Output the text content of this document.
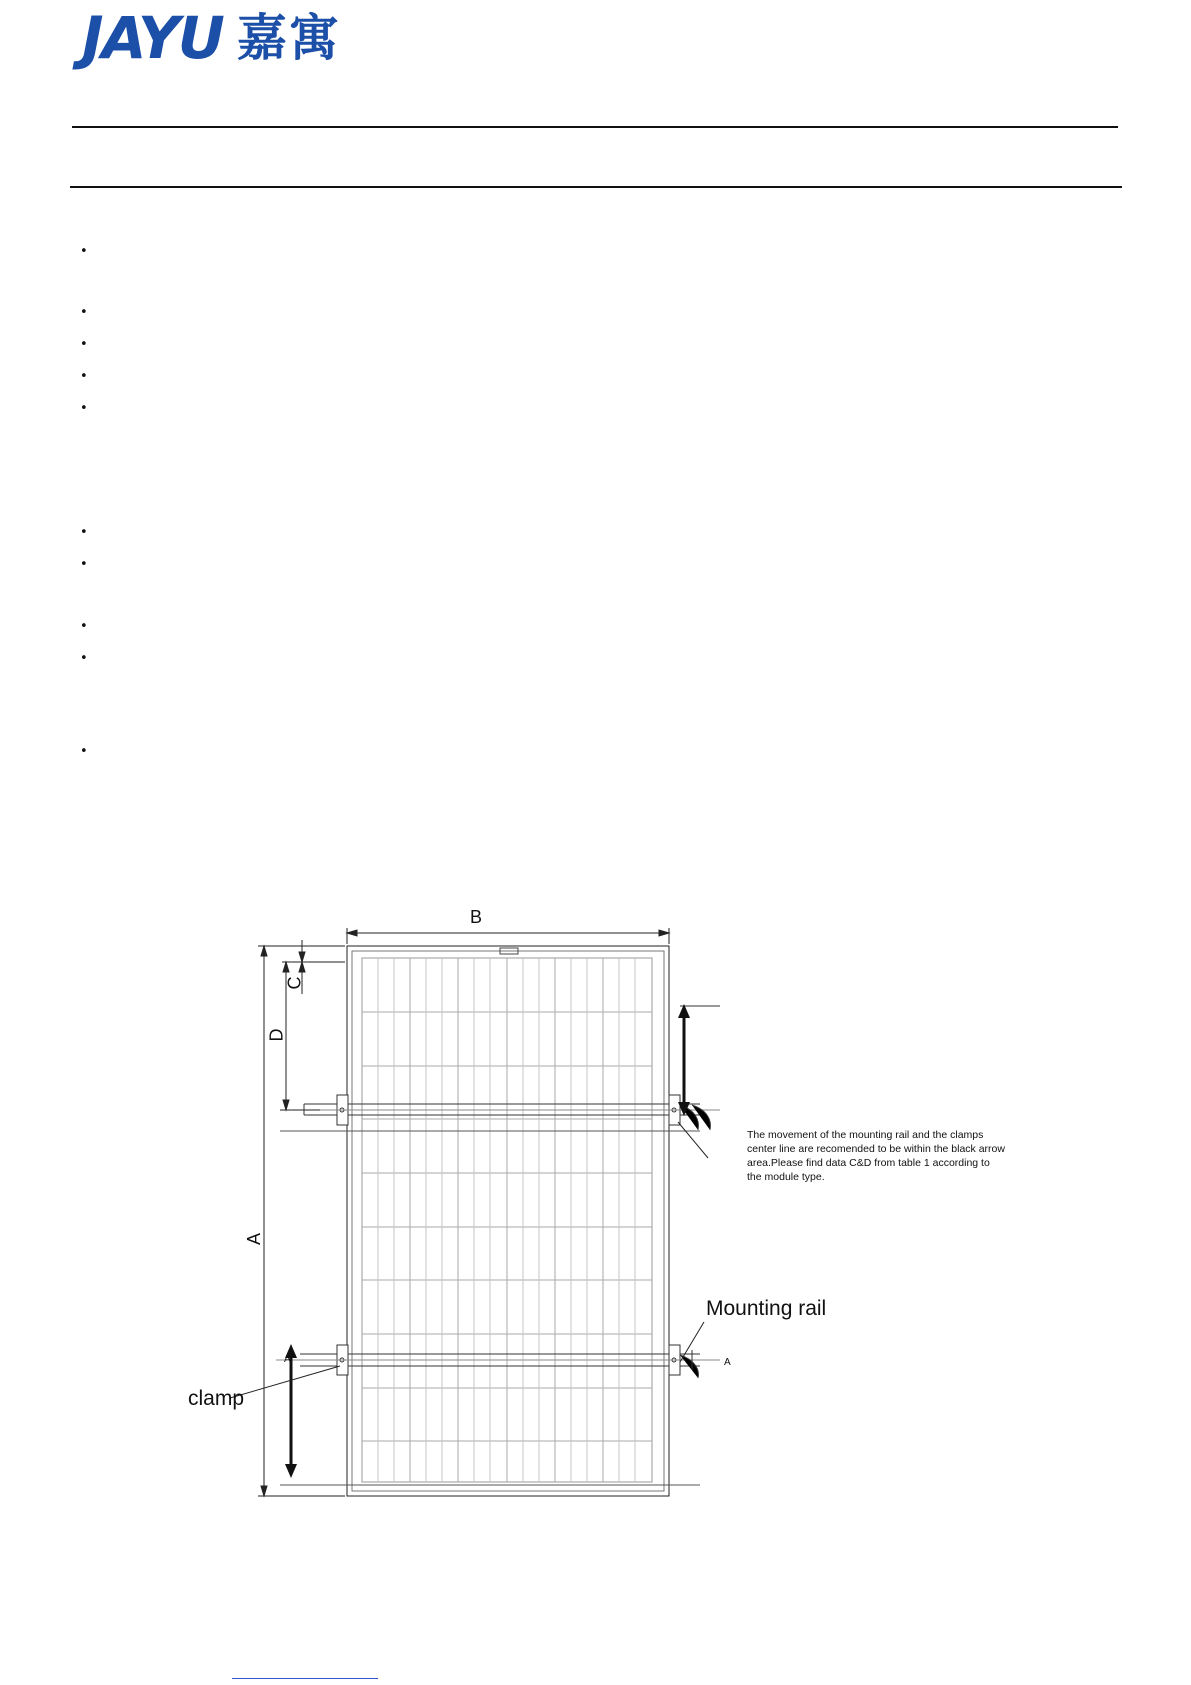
JAYU 嘉寓
•
•
•
•
•
•
•
•
•
•
B
A
D
C
A	A
The movement of the mounting rail and the clamps center line are recomended to be within the black arrow area.Please find data C&D from table 1 according to the module type.
Mounting rail
clamp
